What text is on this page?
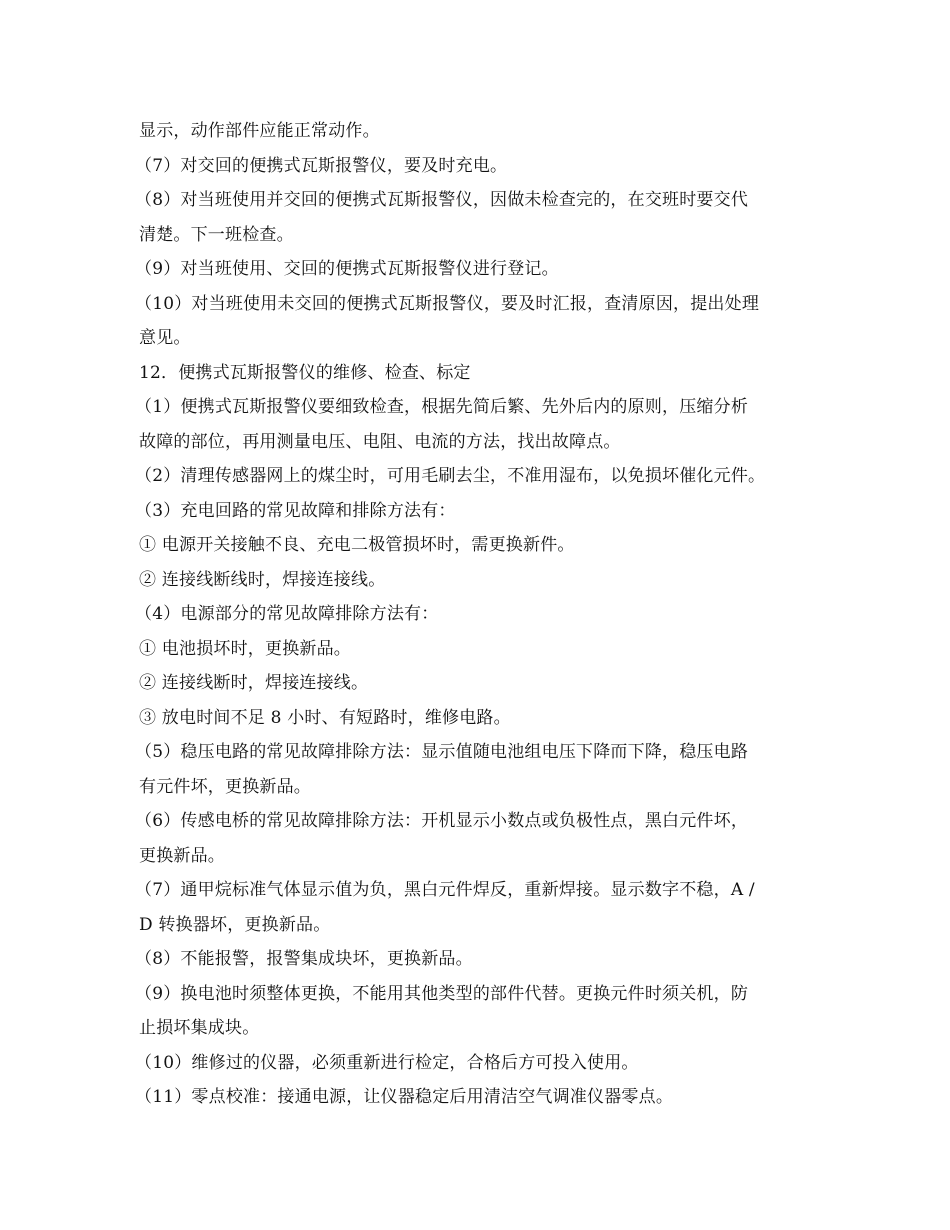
显示，动作部件应能正常动作。
（7）对交回的便携式瓦斯报警仪，要及时充电。
（8）对当班使用并交回的便携式瓦斯报警仪，因做未检查完的，在交班时要交代
清楚。下一班检查。
（9）对当班使用、交回的便携式瓦斯报警仪进行登记。
（10）对当班使用未交回的便携式瓦斯报警仪，要及时汇报，查清原因，提出处理
意见。
12．便携式瓦斯报警仪的维修、检查、标定
（1）便携式瓦斯报警仪要细致检查，根据先简后繁、先外后内的原则，压缩分析
故障的部位，再用测量电压、电阻、电流的方法，找出故障点。
（2）清理传感器网上的煤尘时，可用毛刷去尘，不准用湿布，以免损坏催化元件。
（3）充电回路的常见故障和排除方法有：
① 电源开关接触不良、充电二极管损坏时，需更换新件。
② 连接线断线时，焊接连接线。
（4）电源部分的常见故障排除方法有：
① 电池损坏时，更换新品。
② 连接线断时，焊接连接线。
③ 放电时间不足 8 小时、有短路时，维修电路。
（5）稳压电路的常见故障排除方法：显示值随电池组电压下降而下降，稳压电路
有元件坏，更换新品。
（6）传感电桥的常见故障排除方法：开机显示小数点或负极性点，黑白元件坏，
更换新品。
（7）通甲烷标准气体显示值为负，黑白元件焊反，重新焊接。显示数字不稳，A /
D 转换器坏，更换新品。
（8）不能报警，报警集成块坏，更换新品。
（9）换电池时须整体更换，不能用其他类型的部件代替。更换元件时须关机，防
止损坏集成块。
（10）维修过的仪器，必须重新进行检定，合格后方可投入使用。
（11）零点校准：接通电源，让仪器稳定后用清洁空气调准仪器零点。
